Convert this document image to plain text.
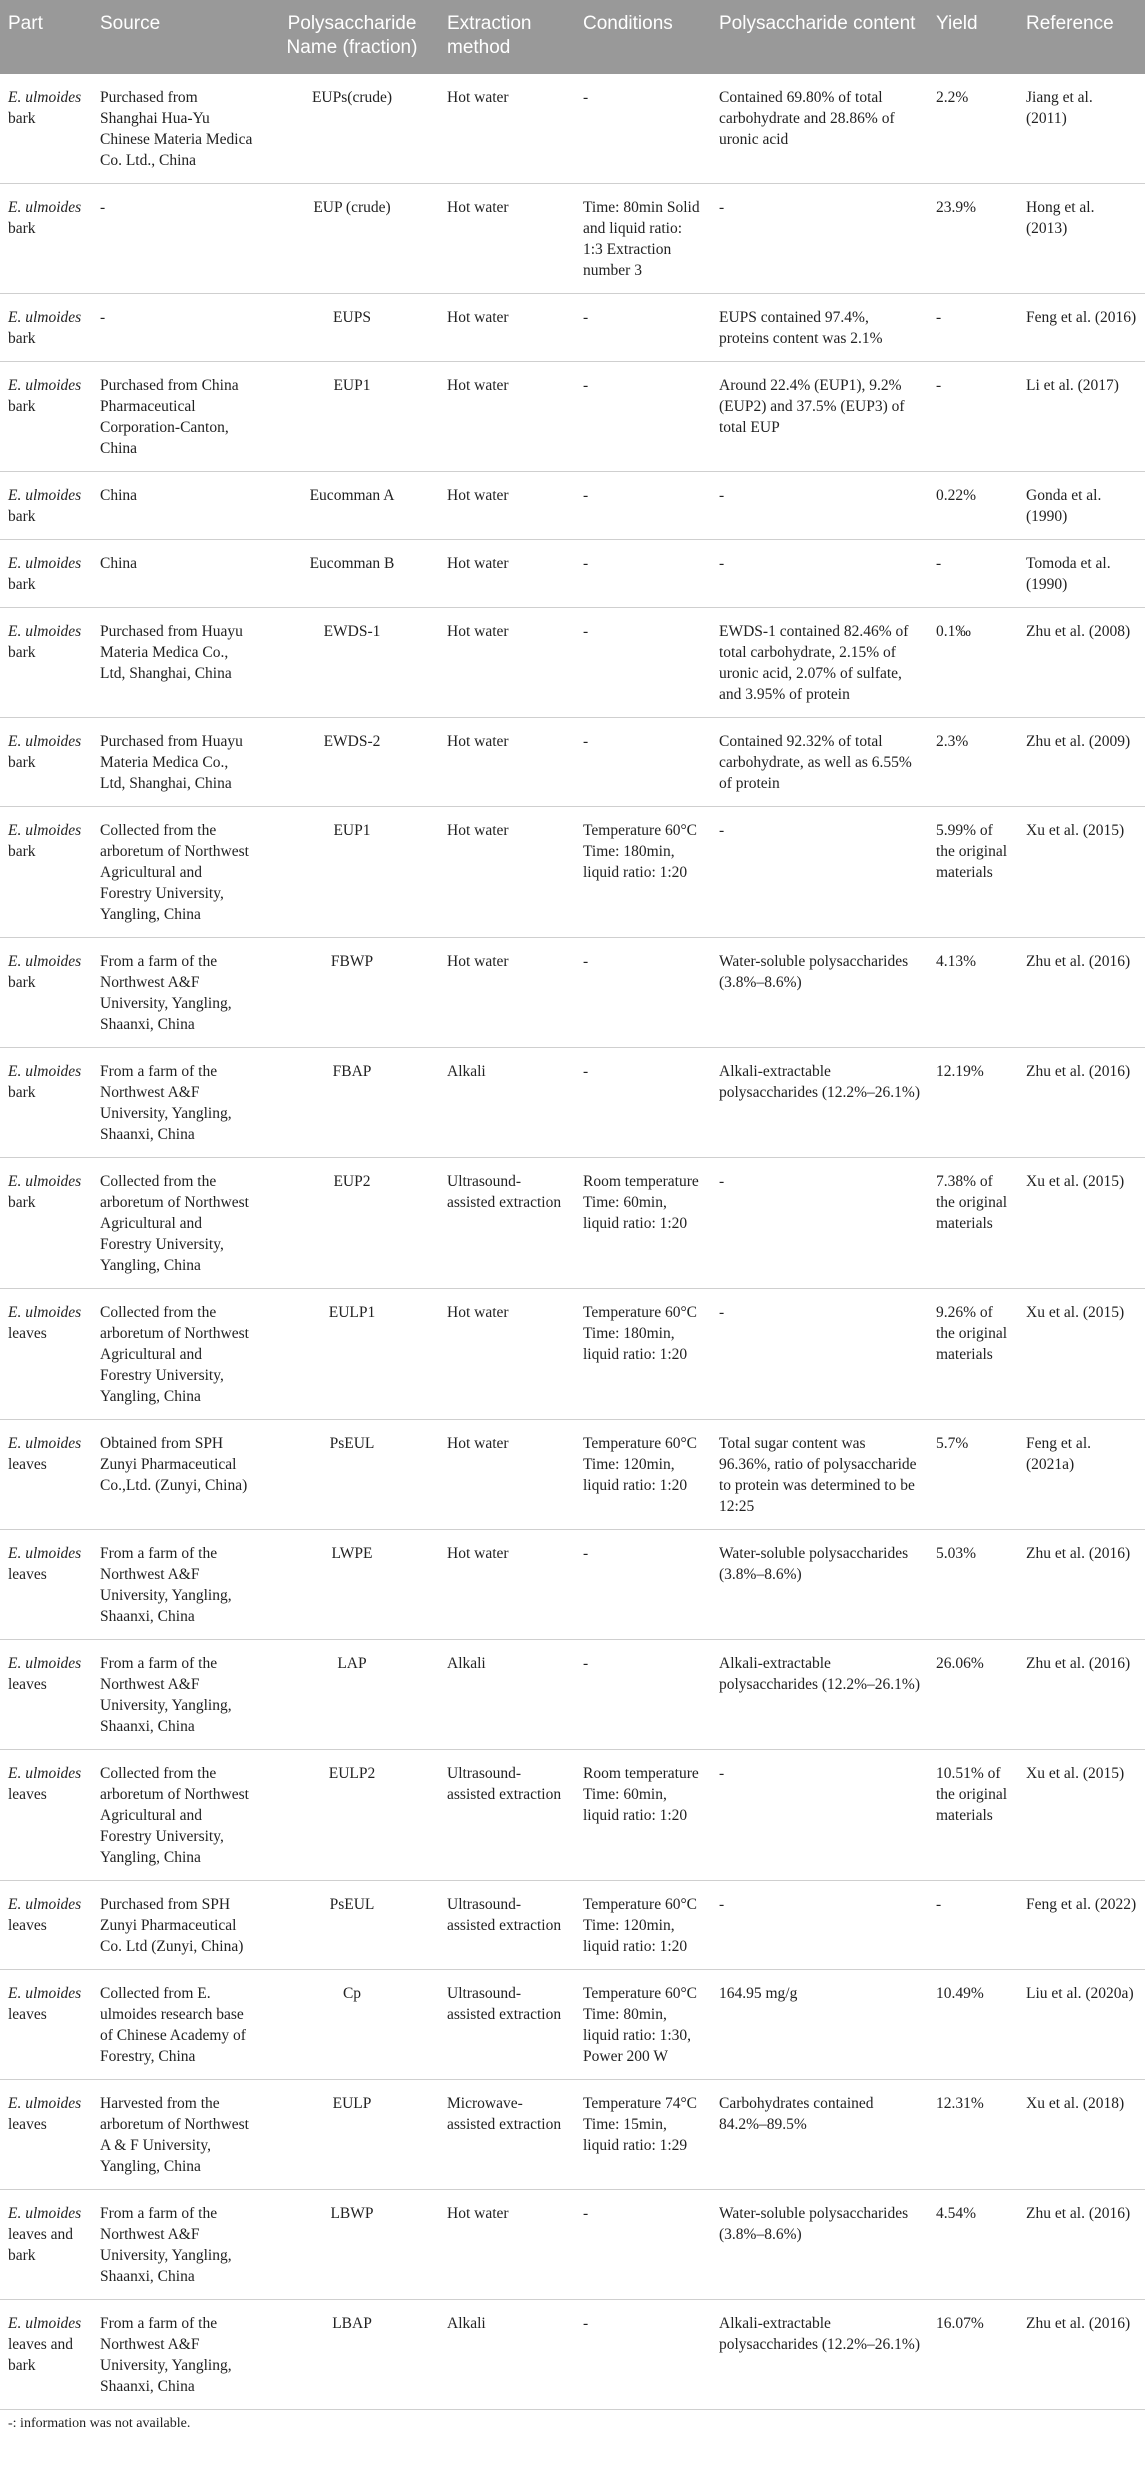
Part	Source	Polysaccharide Name (fraction)	Extraction method	Conditions	Polysaccharide content	Yield	Reference
E. ulmoides bark	Purchased from Shanghai Hua-Yu Chinese Materia Medica Co. Ltd., China	EUPs(crude)	Hot water	-	Contained 69.80% of total carbohydrate and 28.86% of uronic acid	2.2%	Jiang et al. (2011)
E. ulmoides bark	-	EUP (crude)	Hot water	Time: 80min Solid and liquid ratio: 1:3 Extraction number 3	-	23.9%	Hong et al. (2013)
E. ulmoides bark	-	EUPS	Hot water	-	EUPS contained 97.4%, proteins content was 2.1%	-	Feng et al. (2016)
E. ulmoides bark	Purchased from China Pharmaceutical Corporation-Canton, China	EUP1	Hot water	-	Around 22.4% (EUP1), 9.2% (EUP2) and 37.5% (EUP3) of total EUP	-	Li et al. (2017)
E. ulmoides bark	China	Eucomman A	Hot water	-	-	0.22%	Gonda et al. (1990)
E. ulmoides bark	China	Eucomman B	Hot water	-	-	-	Tomoda et al. (1990)
E. ulmoides bark	Purchased from Huayu Materia Medica Co., Ltd, Shanghai, China	EWDS-1	Hot water	-	EWDS-1 contained 82.46% of total carbohydrate, 2.15% of uronic acid, 2.07% of sulfate, and 3.95% of protein	0.1‰	Zhu et al. (2008)
E. ulmoides bark	Purchased from Huayu Materia Medica Co., Ltd, Shanghai, China	EWDS-2	Hot water	-	Contained 92.32% of total carbohydrate, as well as 6.55% of protein	2.3%	Zhu et al. (2009)
E. ulmoides bark	Collected from the arboretum of Northwest Agricultural and Forestry University, Yangling, China	EUP1	Hot water	Temperature 60°C Time: 180min, liquid ratio: 1:20	-	5.99% of the original materials	Xu et al. (2015)
E. ulmoides bark	From a farm of the Northwest A&F University, Yangling, Shaanxi, China	FBWP	Hot water	-	Water-soluble polysaccharides (3.8%–8.6%)	4.13%	Zhu et al. (2016)
E. ulmoides bark	From a farm of the Northwest A&F University, Yangling, Shaanxi, China	FBAP	Alkali	-	Alkali-extractable polysaccharides (12.2%–26.1%)	12.19%	Zhu et al. (2016)
E. ulmoides bark	Collected from the arboretum of Northwest Agricultural and Forestry University, Yangling, China	EUP2	Ultrasound-assisted extraction	Room temperature Time: 60min, liquid ratio: 1:20	-	7.38% of the original materials	Xu et al. (2015)
E. ulmoides leaves	Collected from the arboretum of Northwest Agricultural and Forestry University, Yangling, China	EULP1	Hot water	Temperature 60°C Time: 180min, liquid ratio: 1:20	-	9.26% of the original materials	Xu et al. (2015)
E. ulmoides leaves	Obtained from SPH Zunyi Pharmaceutical Co.,Ltd. (Zunyi, China)	PsEUL	Hot water	Temperature 60°C Time: 120min, liquid ratio: 1:20	Total sugar content was 96.36%, ratio of polysaccharide to protein was determined to be 12:25	5.7%	Feng et al. (2021a)
E. ulmoides leaves	From a farm of the Northwest A&F University, Yangling, Shaanxi, China	LWPE	Hot water	-	Water-soluble polysaccharides (3.8%–8.6%)	5.03%	Zhu et al. (2016)
E. ulmoides leaves	From a farm of the Northwest A&F University, Yangling, Shaanxi, China	LAP	Alkali	-	Alkali-extractable polysaccharides (12.2%–26.1%)	26.06%	Zhu et al. (2016)
E. ulmoides leaves	Collected from the arboretum of Northwest Agricultural and Forestry University, Yangling, China	EULP2	Ultrasound-assisted extraction	Room temperature Time: 60min, liquid ratio: 1:20	-	10.51% of the original materials	Xu et al. (2015)
E. ulmoides leaves	Purchased from SPH Zunyi Pharmaceutical Co. Ltd (Zunyi, China)	PsEUL	Ultrasound-assisted extraction	Temperature 60°C Time: 120min, liquid ratio: 1:20	-	-	Feng et al. (2022)
E. ulmoides leaves	Collected from E. ulmoides research base of Chinese Academy of Forestry, China	Cp	Ultrasound-assisted extraction	Temperature 60°C Time: 80min, liquid ratio: 1:30, Power 200 W	164.95 mg/g	10.49%	Liu et al. (2020a)
E. ulmoides leaves	Harvested from the arboretum of Northwest A & F University, Yangling, China	EULP	Microwave-assisted extraction	Temperature 74°C Time: 15min, liquid ratio: 1:29	Carbohydrates contained 84.2%–89.5%	12.31%	Xu et al. (2018)
E. ulmoides leaves and bark	From a farm of the Northwest A&F University, Yangling, Shaanxi, China	LBWP	Hot water	-	Water-soluble polysaccharides (3.8%–8.6%)	4.54%	Zhu et al. (2016)
E. ulmoides leaves and bark	From a farm of the Northwest A&F University, Yangling, Shaanxi, China	LBAP	Alkali	-	Alkali-extractable polysaccharides (12.2%–26.1%)	16.07%	Zhu et al. (2016)
-: information was not available.
